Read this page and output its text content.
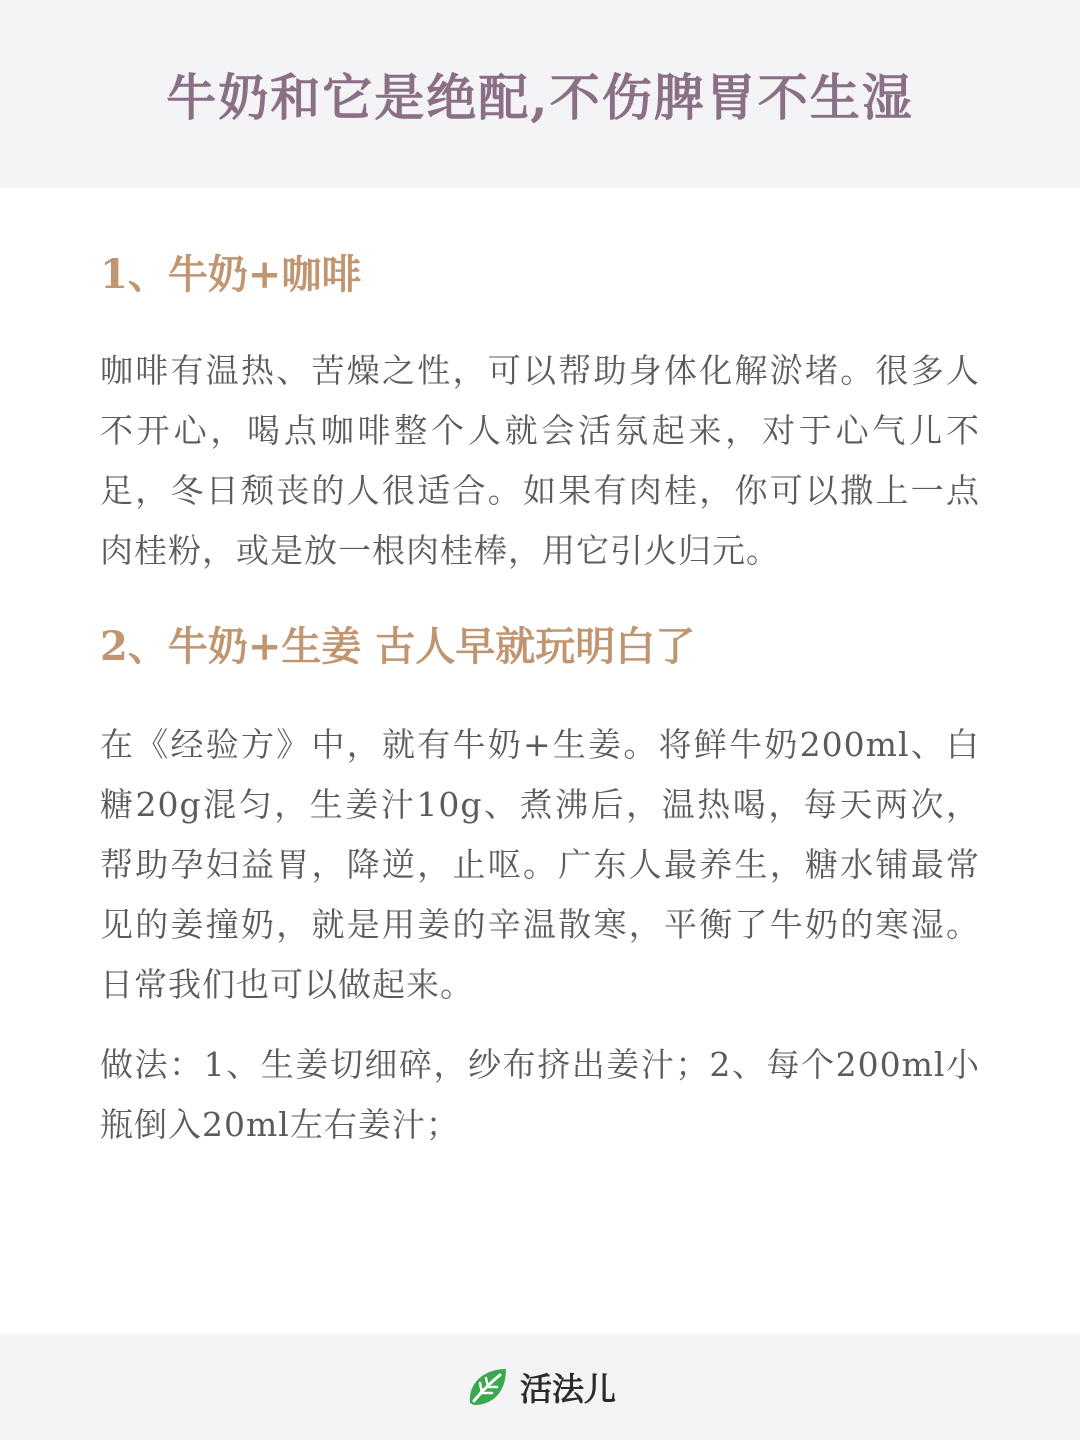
牛奶和它是绝配,不伤脾胃不生湿
1、牛奶+咖啡

咖啡有温热、苦燥之性，可以帮助身体化解淤堵。很多人不开心，喝点咖啡整个人就会活氛起来，对于心气儿不足，冬日颓丧的人很适合。如果有肉桂，你可以撒上一点肉桂粉，或是放一根肉桂棒，用它引火归元。

2、牛奶+生姜 古人早就玩明白了

在《经验方》中，就有牛奶+生姜。将鲜牛奶200ml、白糖20g混匀，生姜汁10g、煮沸后，温热喝，每天两次，帮助孕妇益胃，降逆，止呕。广东人最养生，糖水铺最常见的姜撞奶，就是用姜的辛温散寒，平衡了牛奶的寒湿。日常我们也可以做起来。

做法：1、生姜切细碎，纱布挤出姜汁；2、每个200ml小瓶倒入20ml左右姜汁；

活法儿
